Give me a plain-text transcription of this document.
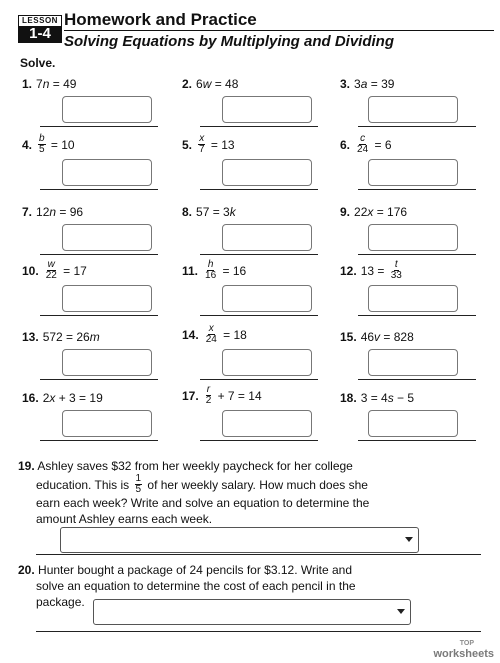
LESSON
1-4
Homework and Practice
Solving Equations by Multiplying and Dividing
Solve.
1. 7 n = 49	2. 6 w = 48	3. 3 a = 39
4. $\frac{b}{5} = 10$	5. $\frac{x}{7} = 13$	6. $\frac{c}{24} = 6$
7. 12 n = 96	8. 57 = 3 k	9. 22 x = 176
10. $\frac{w}{22} = 17$	11. $\frac{h}{16} = 16$	12. $13 = \frac{t}{33}$
13. 572 = 26 m	14. $\frac{x}{24} = 18$	15. 46 v = 828
16. 2 x + 3 = 19	17. $\frac{r}{2} + 7 = 14$	18. 3 = 4 s − 5
19. Ashley saves $32 from her weekly paycheck for her college
education. This is $\frac{1}{5}$ of her weekly salary. How much does she
earn each week? Write and solve an equation to determine the
amount Ashley earns each week.
20. Hunter bought a package of 24 pencils for $3.12. Write and
solve an equation to determine the cost of each pencil in the
package.
TOP
worksheets
